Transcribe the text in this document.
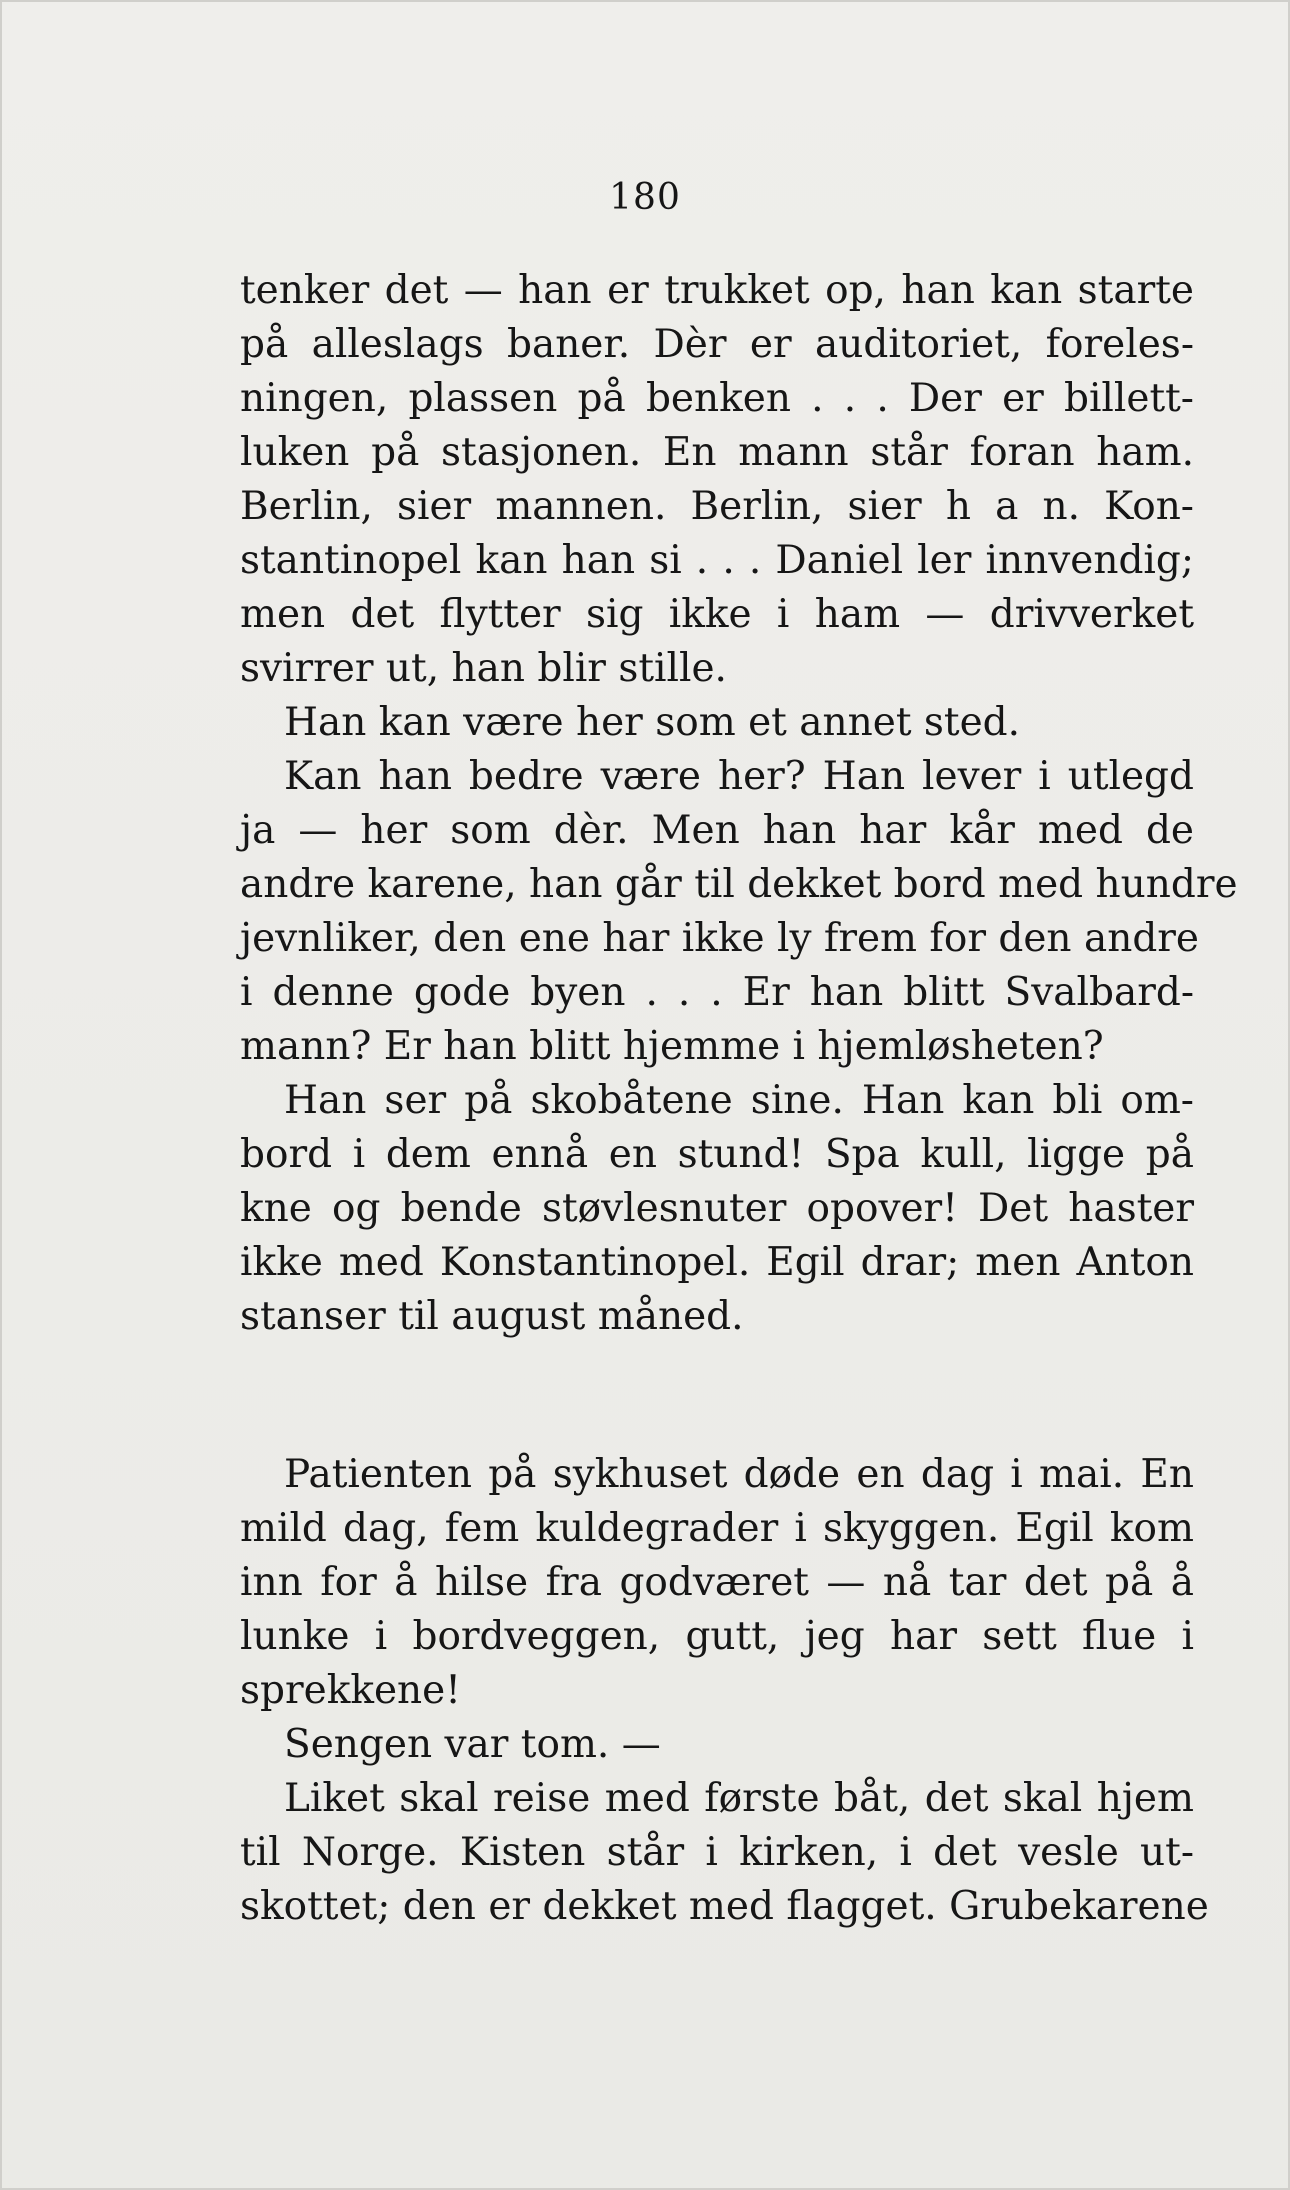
180
tenker det — han er trukket op, han kan starte
på alleslags baner. Dèr er auditoriet, foreles-
ningen, plassen på benken . . . Der er billett-
luken på stasjonen. En mann står foran ham.
Berlin, sier mannen. Berlin, sier h a n. Kon-
stantinopel kan han si . . . Daniel ler innvendig;
men det flytter sig ikke i ham — drivverket
svirrer ut, han blir stille.
Han kan være her som et annet sted.
Kan han bedre være her? Han lever i utlegd
ja — her som dèr. Men han har kår med de
andre karene, han går til dekket bord med hundre
jevnliker, den ene har ikke ly frem for den andre
i denne gode byen . . . Er han blitt Svalbard-
mann? Er han blitt hjemme i hjemløsheten?
Han ser på skobåtene sine. Han kan bli om-
bord i dem ennå en stund! Spa kull, ligge på
kne og bende støvlesnuter opover! Det haster
ikke med Konstantinopel. Egil drar; men Anton
stanser til august måned.
Patienten på sykhuset døde en dag i mai. En
mild dag, fem kuldegrader i skyggen. Egil kom
inn for å hilse fra godværet — nå tar det på å
lunke i bordveggen, gutt, jeg har sett flue i
sprekkene!
Sengen var tom. —
Liket skal reise med første båt, det skal hjem
til Norge. Kisten står i kirken, i det vesle ut-
skottet; den er dekket med flagget. Grubekarene
